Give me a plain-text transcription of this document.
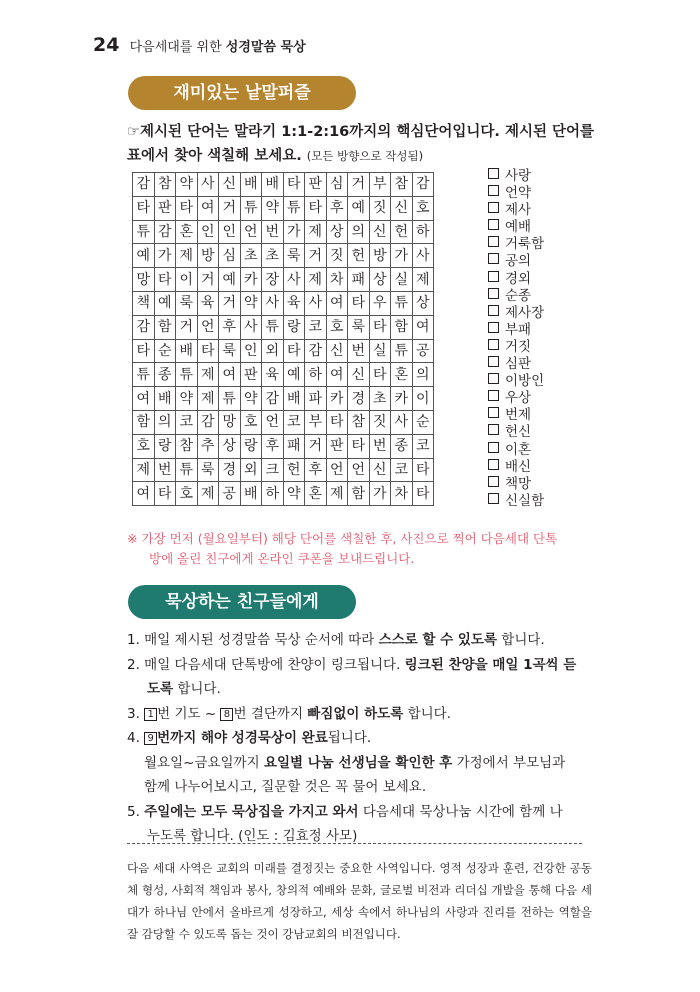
24 다음세대를 위한 성경말씀 묵상
재미있는 낱말퍼즐
☞제시된 단어는 말라기 1:1-2:16까지의 핵심단어입니다. 제시된 단어를
표에서 찾아 색칠해 보세요. (모든 방향으로 작성됨)
감	참	약	사	신	배	배	타	판	심	거	부	참	감
타	판	타	여	거	튜	약	튜	타	후	예	짓	신	호
튜	감	혼	인	인	언	번	가	제	상	의	신	헌	하
예	가	제	방	심	초	초	룩	거	짓	헌	방	가	사
망	타	이	거	예	카	장	사	제	차	패	상	실	제
책	예	룩	육	거	약	사	육	사	여	타	우	튜	상
감	함	거	언	후	사	튜	랑	코	호	룩	타	함	여
타	순	배	타	룩	인	외	타	감	신	번	실	튜	공
튜	종	튜	제	여	판	육	예	하	여	신	타	혼	의
여	배	약	제	튜	약	감	배	파	카	경	초	카	이
함	의	코	감	망	호	언	코	부	타	참	짓	사	순
호	랑	참	추	상	랑	후	패	거	판	타	번	종	코
제	번	튜	룩	경	외	크	헌	후	언	언	신	코	타
여	타	호	제	공	배	하	약	혼	제	함	가	차	타
사랑
언약
제사
예배
거룩함
공의
경외
순종
제사장
부패
거짓
심판
이방인
우상
번제
헌신
이혼
배신
책망
신실함
※ 가장 먼저 (월요일부터) 해당 단어를 색칠한 후, 사진으로 찍어 다음세대 단톡
방에 올린 친구에게 온라인 쿠폰을 보내드립니다.
묵상하는 친구들에게
1. 매일 제시된 성경말씀 묵상 순서에 따라 스스로 할 수 있도록 합니다.
2. 매일 다음세대 단톡방에 찬양이 링크됩니다. 링크된 찬양을 매일 1곡씩 듣
도록 합니다.
3. 1 번 기도 ~ 8 번 결단까지 빠짐없이 하도록 합니다.
4. 9 번까지 해야 성경묵상이 완료됩니다.
월요일~금요일까지 요일별 나눔 선생님을 확인한 후 가정에서 부모님과
함께 나누어보시고, 질문할 것은 꼭 물어 보세요.
5. 주일에는 모두 묵상집을 가지고 와서 다음세대 묵상나눔 시간에 함께 나
누도록 합니다. (인도 : 김효정 사모)
다음 세대 사역은 교회의 미래를 결정짓는 중요한 사역입니다. 영적 성장과 훈련, 건강한 공동체 형성, 사회적 책임과 봉사, 창의적 예배와 문화, 글로벌 비전과 리더십 개발을 통해 다음 세대가 하나님 안에서 올바르게 성장하고, 세상 속에서 하나님의 사랑과 진리를 전하는 역할을 잘 감당할 수 있도록 돕는 것이 강남교회의 비전입니다.
